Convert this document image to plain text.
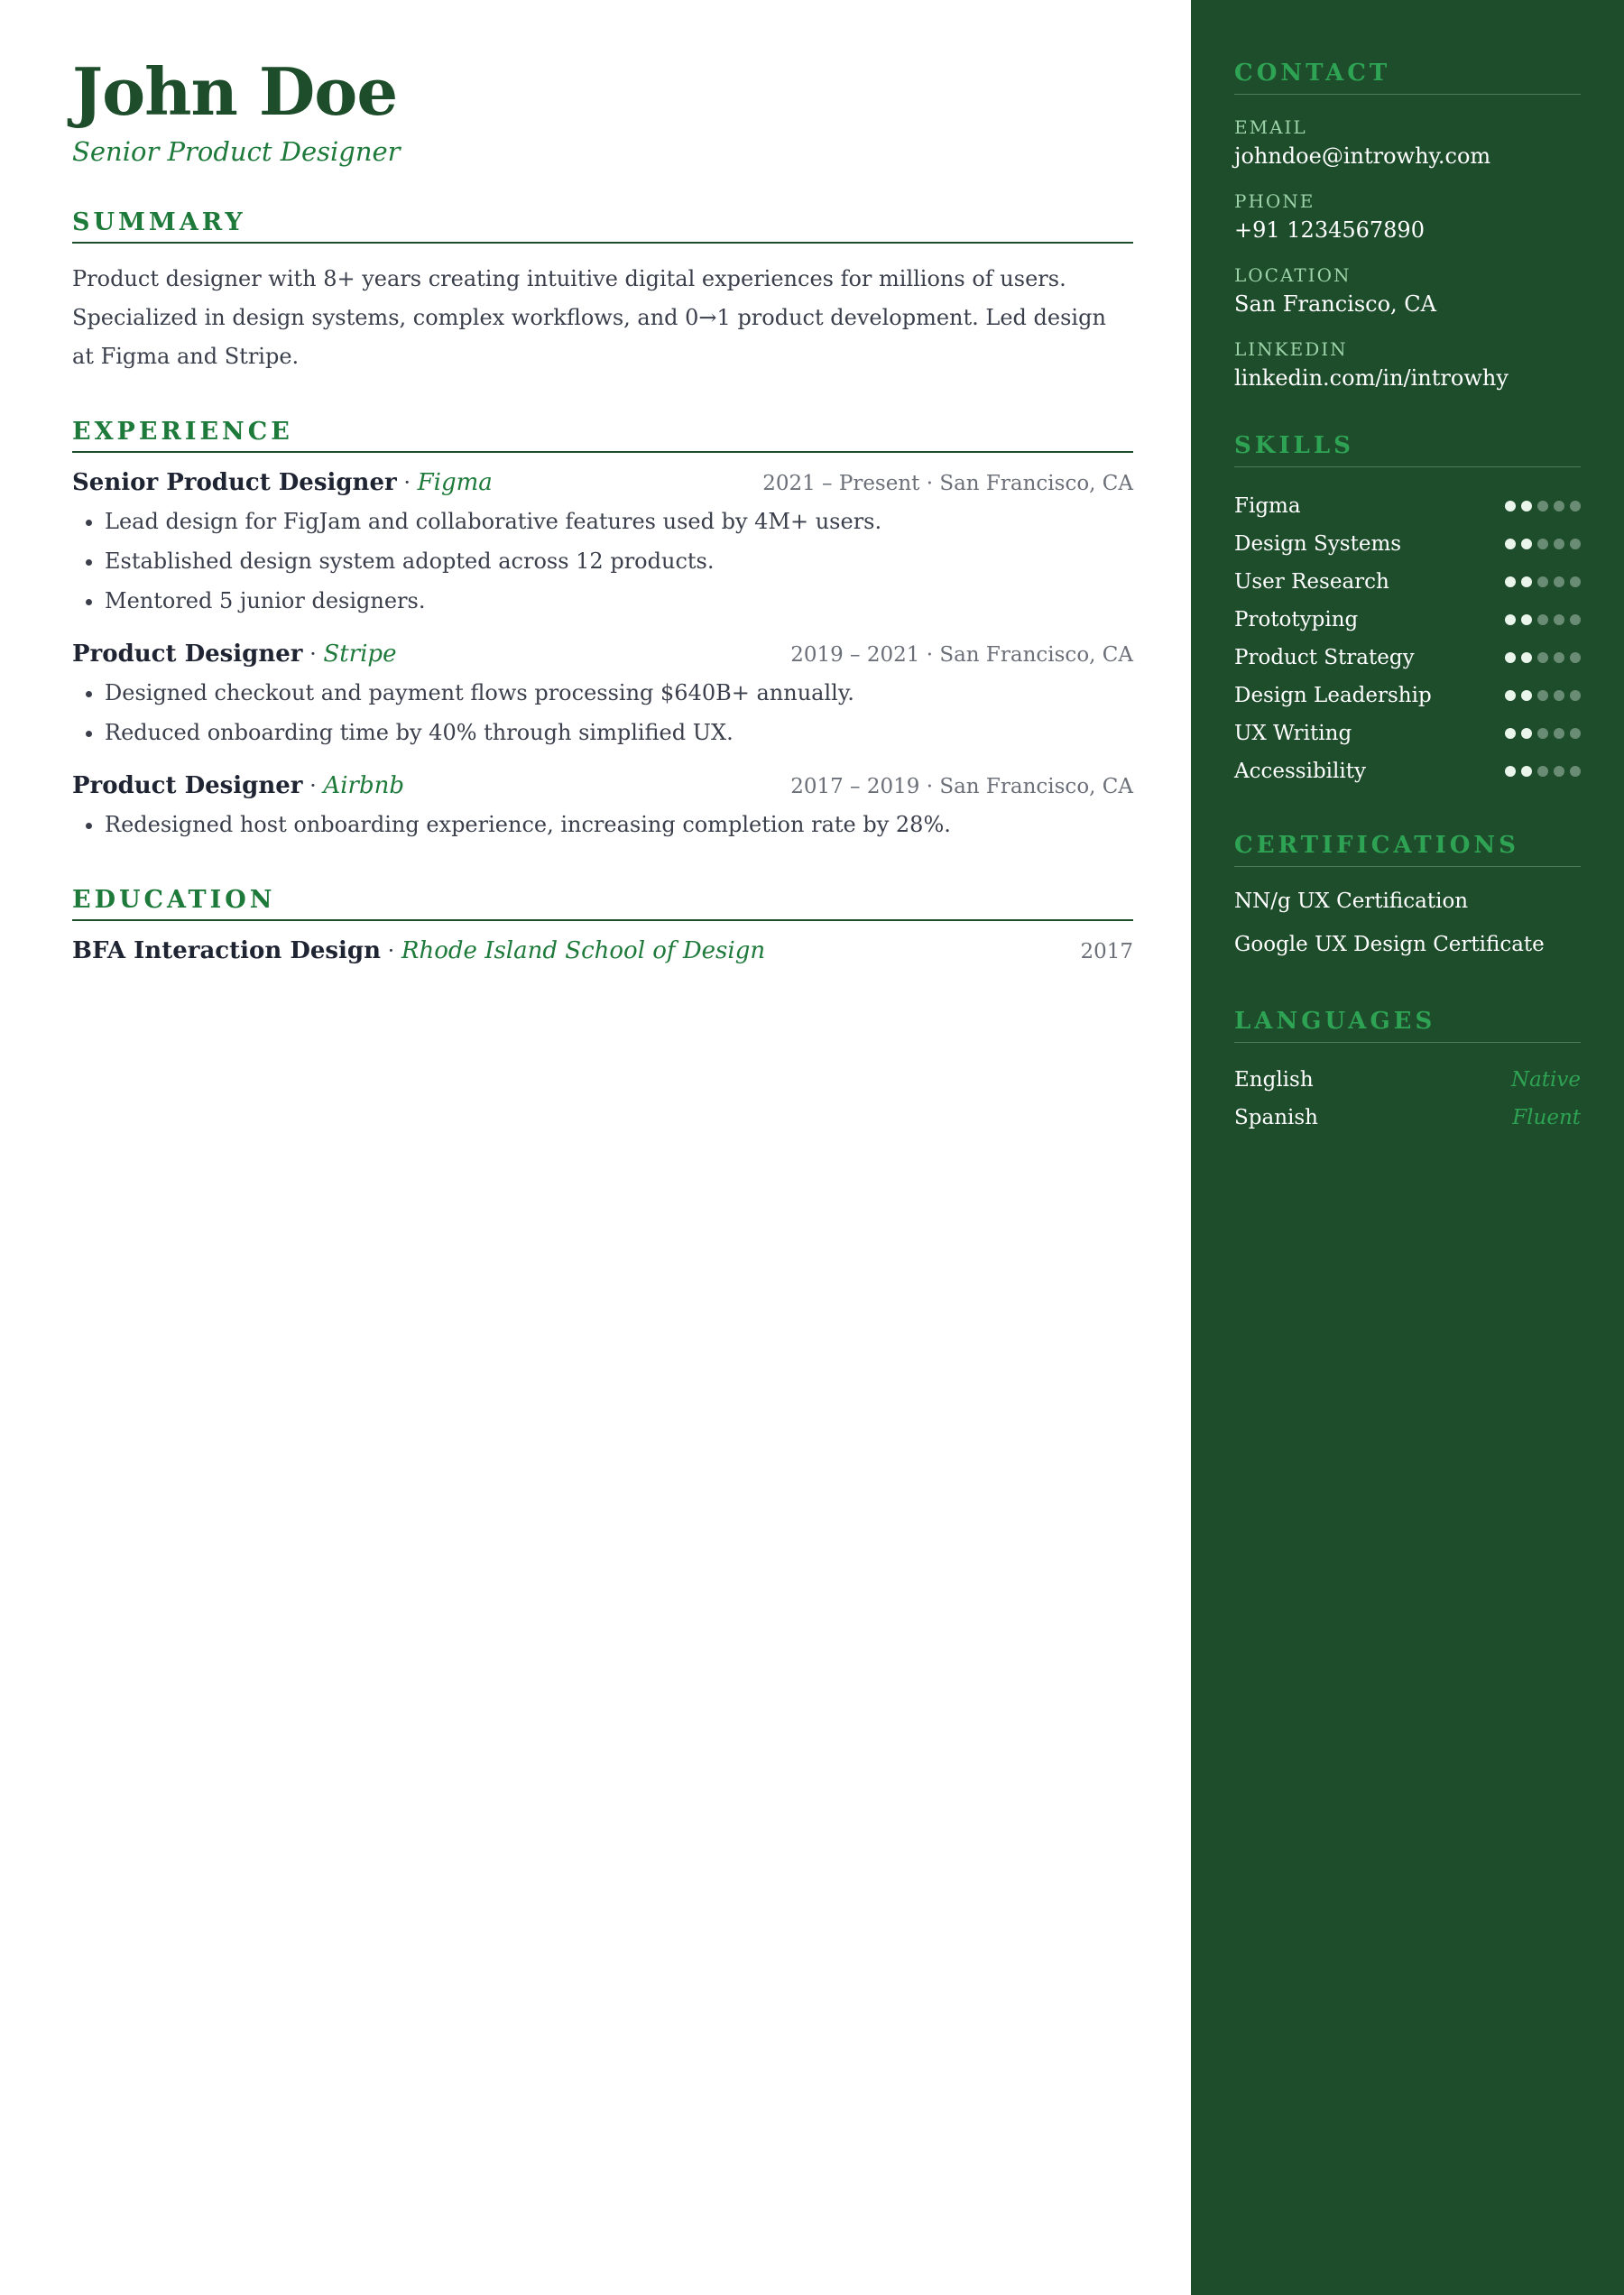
John Doe
Senior Product Designer
SUMMARY
Product designer with 8+ years creating intuitive digital experiences for millions of users. Specialized in design systems, complex workflows, and 0→1 product development. Led design at Figma and Stripe.
EXPERIENCE
Senior Product Designer · Figma	2021 – Present · San Francisco, CA
• Lead design for FigJam and collaborative features used by 4M+ users.
• Established design system adopted across 12 products.
• Mentored 5 junior designers.
Product Designer · Stripe	2019 – 2021 · San Francisco, CA
• Designed checkout and payment flows processing $640B+ annually.
• Reduced onboarding time by 40% through simplified UX.
Product Designer · Airbnb	2017 – 2019 · San Francisco, CA
• Redesigned host onboarding experience, increasing completion rate by 28%.
EDUCATION
BFA Interaction Design · Rhode Island School of Design	2017
CONTACT
EMAIL
johndoe@introwhy.com
PHONE
+91 1234567890
LOCATION
San Francisco, CA
LINKEDIN
linkedin.com/in/introwhy
SKILLS
Figma
Design Systems
User Research
Prototyping
Product Strategy
Design Leadership
UX Writing
Accessibility
CERTIFICATIONS
NN/g UX Certification
Google UX Design Certificate
LANGUAGES
English	Native
Spanish	Fluent
